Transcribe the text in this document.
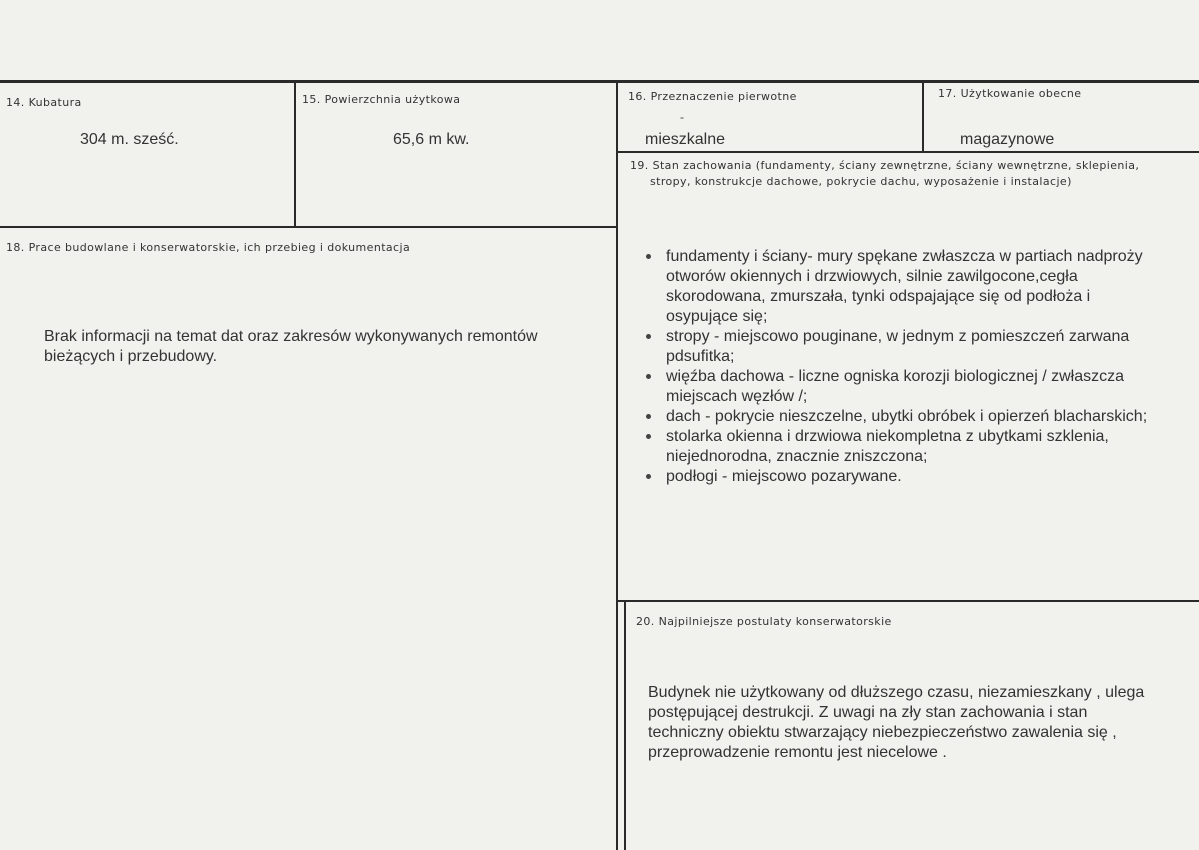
14. Kubatura
304 m. sześć.
15. Powierzchnia użytkowa
65,6 m kw.
16. Przeznaczenie pierwotne
-
mieszkalne
17. Użytkowanie obecne
magazynowe
18. Prace budowlane i konserwatorskie, ich przebieg i dokumentacja
Brak informacji na temat dat oraz zakresów wykonywanych remontów bieżących i przebudowy.
19. Stan zachowania (fundamenty, ściany zewnętrzne, ściany wewnętrzne, sklepienia,
stropy, konstrukcje dachowe, pokrycie dachu, wyposażenie i instalacje)
fundamenty i ściany- mury spękane zwłaszcza w partiach nadproży otworów okiennych i drzwiowych, silnie zawilgocone,cegła skorodowana, zmurszała, tynki odspajające się od podłoża i osypujące się;
stropy - miejscowo pouginane, w jednym z pomieszczeń zarwana pdsufitka;
więźba dachowa - liczne ogniska korozji biologicznej / zwłaszcza miejscach węzłów /;
dach - pokrycie nieszczelne, ubytki obróbek i opierzeń blacharskich;
stolarka okienna i drzwiowa niekompletna z ubytkami szklenia, niejednorodna, znacznie zniszczona;
podłogi - miejscowo pozarywane.
20. Najpilniejsze postulaty konserwatorskie
Budynek nie użytkowany od dłuższego czasu, niezamieszkany , ulega postępującej destrukcji. Z uwagi na zły stan zachowania i stan techniczny obiektu stwarzający niebezpieczeństwo zawalenia się , przeprowadzenie remontu jest niecelowe .
